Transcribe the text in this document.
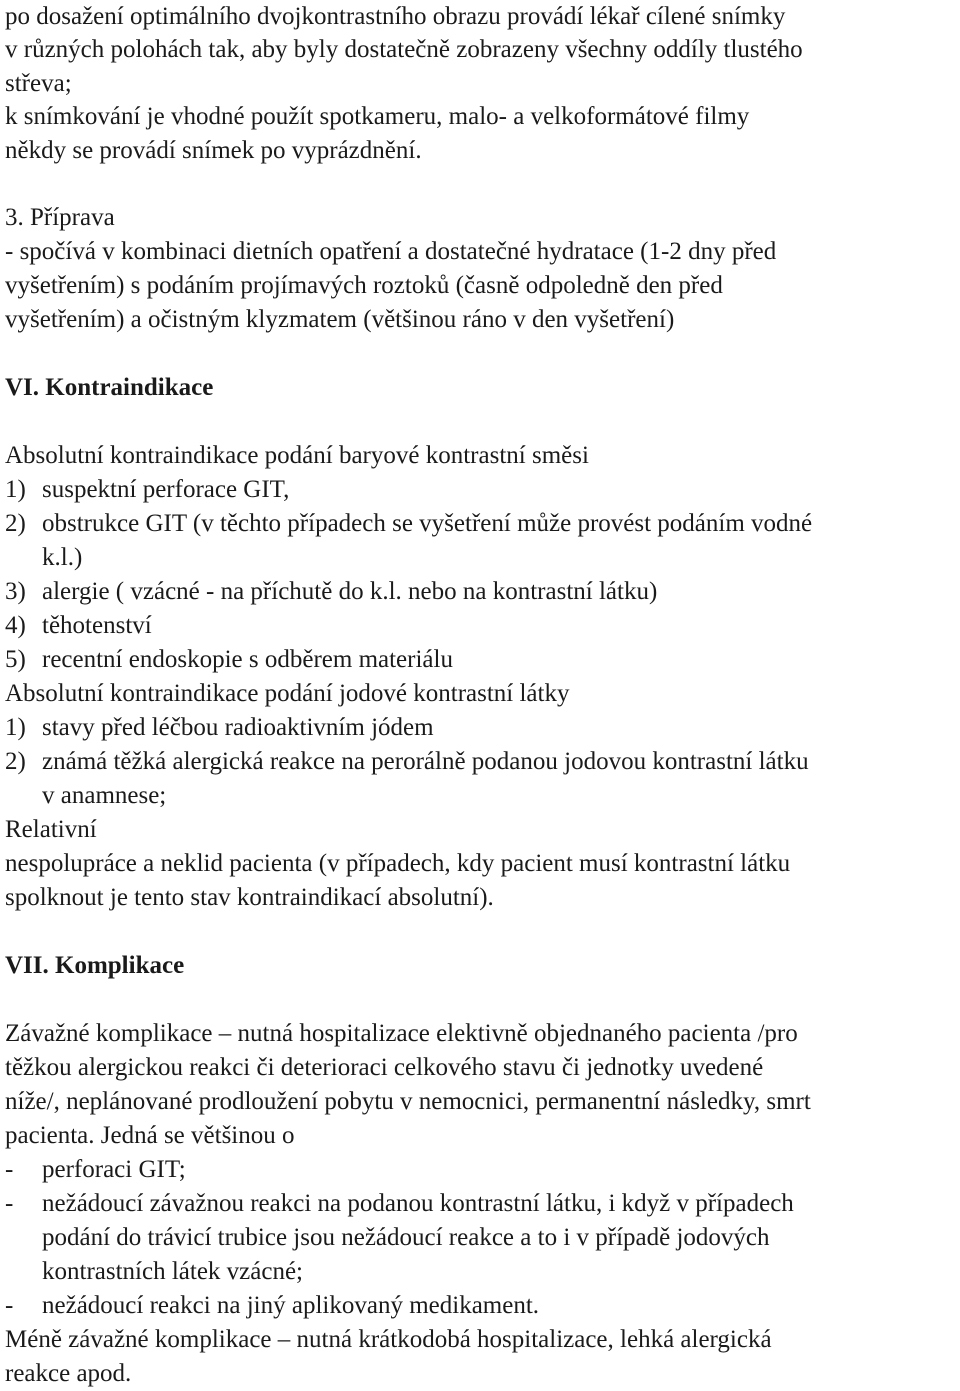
po dosažení optimálního dvojkontrastního obrazu provádí lékař cílené snímky
v různých polohách tak, aby byly dostatečně zobrazeny všechny oddíly tlustého
střeva;
k snímkování je vhodné použít spotkameru, malo- a velkoformátové filmy
někdy se provádí snímek po vyprázdnění.
3. Příprava
- spočívá v kombinaci dietních opatření a dostatečné hydratace (1-2 dny před
vyšetřením) s podáním projímavých roztoků (časně odpoledně den před
vyšetřením) a očistným klyzmatem (většinou ráno v den vyšetření)
VI. Kontraindikace
Absolutní kontraindikace podání baryové kontrastní směsi
1) suspektní perforace GIT,
2) obstrukce GIT (v těchto případech se vyšetření může provést podáním vodné
k.l.)
3) alergie ( vzácné - na příchutě do k.l. nebo na kontrastní látku)
4) těhotenství
5) recentní endoskopie s odběrem materiálu
Absolutní kontraindikace podání jodové kontrastní látky
1) stavy před léčbou radioaktivním jódem
2) známá těžká alergická reakce na perorálně podanou jodovou kontrastní látku
v anamnese;
Relativní
nespolupráce a neklid pacienta (v případech, kdy pacient musí kontrastní látku
spolknout je tento stav kontraindikací absolutní).
VII. Komplikace
Závažné komplikace – nutná hospitalizace elektivně objednaného pacienta /pro
těžkou alergickou reakci či deterioraci celkového stavu či jednotky uvedené
níže/, neplánované prodloužení pobytu v nemocnici, permanentní následky, smrt
pacienta. Jedná se většinou o
- perforaci GIT;
- nežádoucí závažnou reakci na podanou kontrastní látku, i když v případech
podání do trávicí trubice jsou nežádoucí reakce a to i v případě jodových
kontrastních látek vzácné;
- nežádoucí reakci na jiný aplikovaný medikament.
Méně závažné komplikace – nutná krátkodobá hospitalizace, lehká alergická
reakce apod.
